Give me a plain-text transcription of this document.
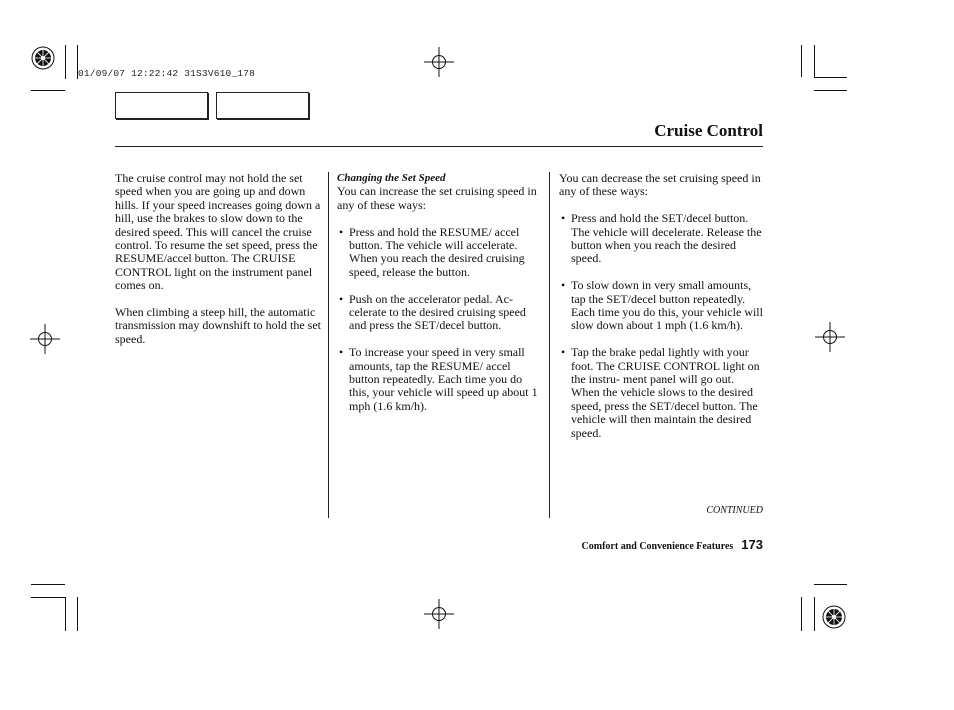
01/09/07 12:22:42 31S3V610_178
Cruise Control

The cruise control may not hold the set speed when you are going up and down hills. If your speed increases going down a hill, use the brakes to slow down to the desired speed. This will cancel the cruise control. To resume the set speed, press the RESUME/accel button. The CRUISE CONTROL light on the instrument panel comes on.

When climbing a steep hill, the automatic transmission may downshift to hold the set speed.

Changing the Set Speed

You can increase the set cruising speed in any of these ways:

• Press and hold the RESUME/ accel button. The vehicle will accelerate. When you reach the desired cruising speed, release the button.
• Push on the accelerator pedal. Ac- celerate to the desired cruising speed and press the SET/decel button.
• To increase your speed in very small amounts, tap the RESUME/ accel button repeatedly. Each time you do this, your vehicle will speed up about 1 mph (1.6 km/h).

You can decrease the set cruising speed in any of these ways:

• Press and hold the SET/decel button. The vehicle will decelerate. Release the button when you reach the desired speed.
• To slow down in very small amounts, tap the SET/decel button repeatedly. Each time you do this, your vehicle will slow down about 1 mph (1.6 km/h).
• Tap the brake pedal lightly with your foot. The CRUISE CONTROL light on the instru- ment panel will go out. When the vehicle slows to the desired speed, press the SET/decel button. The vehicle will then maintain the desired speed.
CONTINUED
Comfort and Convenience Features 173
